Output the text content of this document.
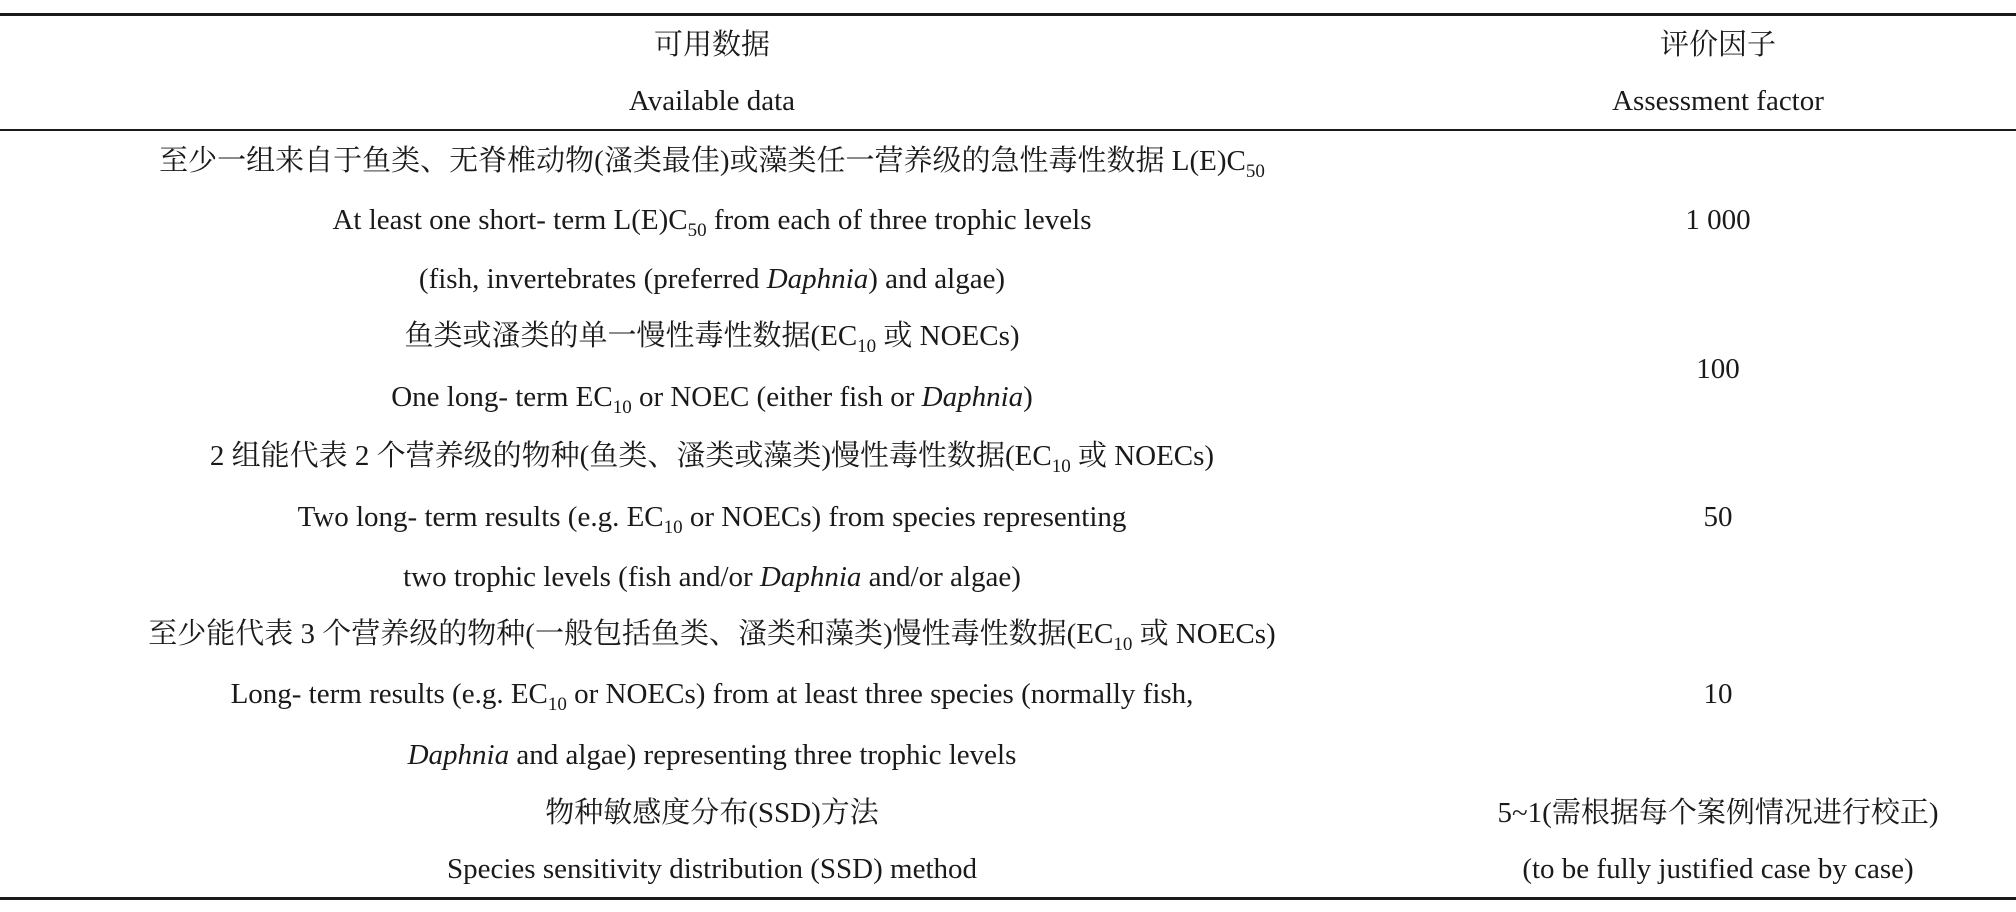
可用数据
Available data
评价因子
Assessment factor
至少一组来自于鱼类、无脊椎动物(溞类最佳)或藻类任一营养级的急性毒性数据 $L(E)C_{50}$
At least one short- term $L(E)C_{50}$ from each of three trophic levels
(fish, invertebrates (preferred Daphnia) and algae)
1 000
鱼类或溞类的单一慢性毒性数据($EC_{10}$ 或 NOECs)
One long- term $EC_{10}$ or NOEC (either fish or Daphnia)
100
2 组能代表 2 个营养级的物种(鱼类、溞类或藻类)慢性毒性数据($EC_{10}$ 或 NOECs)
Two long- term results (e.g. $EC_{10}$ or NOECs) from species representing
two trophic levels (fish and/or Daphnia and/or algae)
50
至少能代表 3 个营养级的物种(一般包括鱼类、溞类和藻类)慢性毒性数据($EC_{10}$ 或 NOECs)
Long- term results (e.g. $EC_{10}$ or NOECs) from at least three species (normally fish,
Daphnia and algae) representing three trophic levels
10
物种敏感度分布(SSD)方法
Species sensitivity distribution (SSD) method
5~1(需根据每个案例情况进行校正)
(to be fully justified case by case)
